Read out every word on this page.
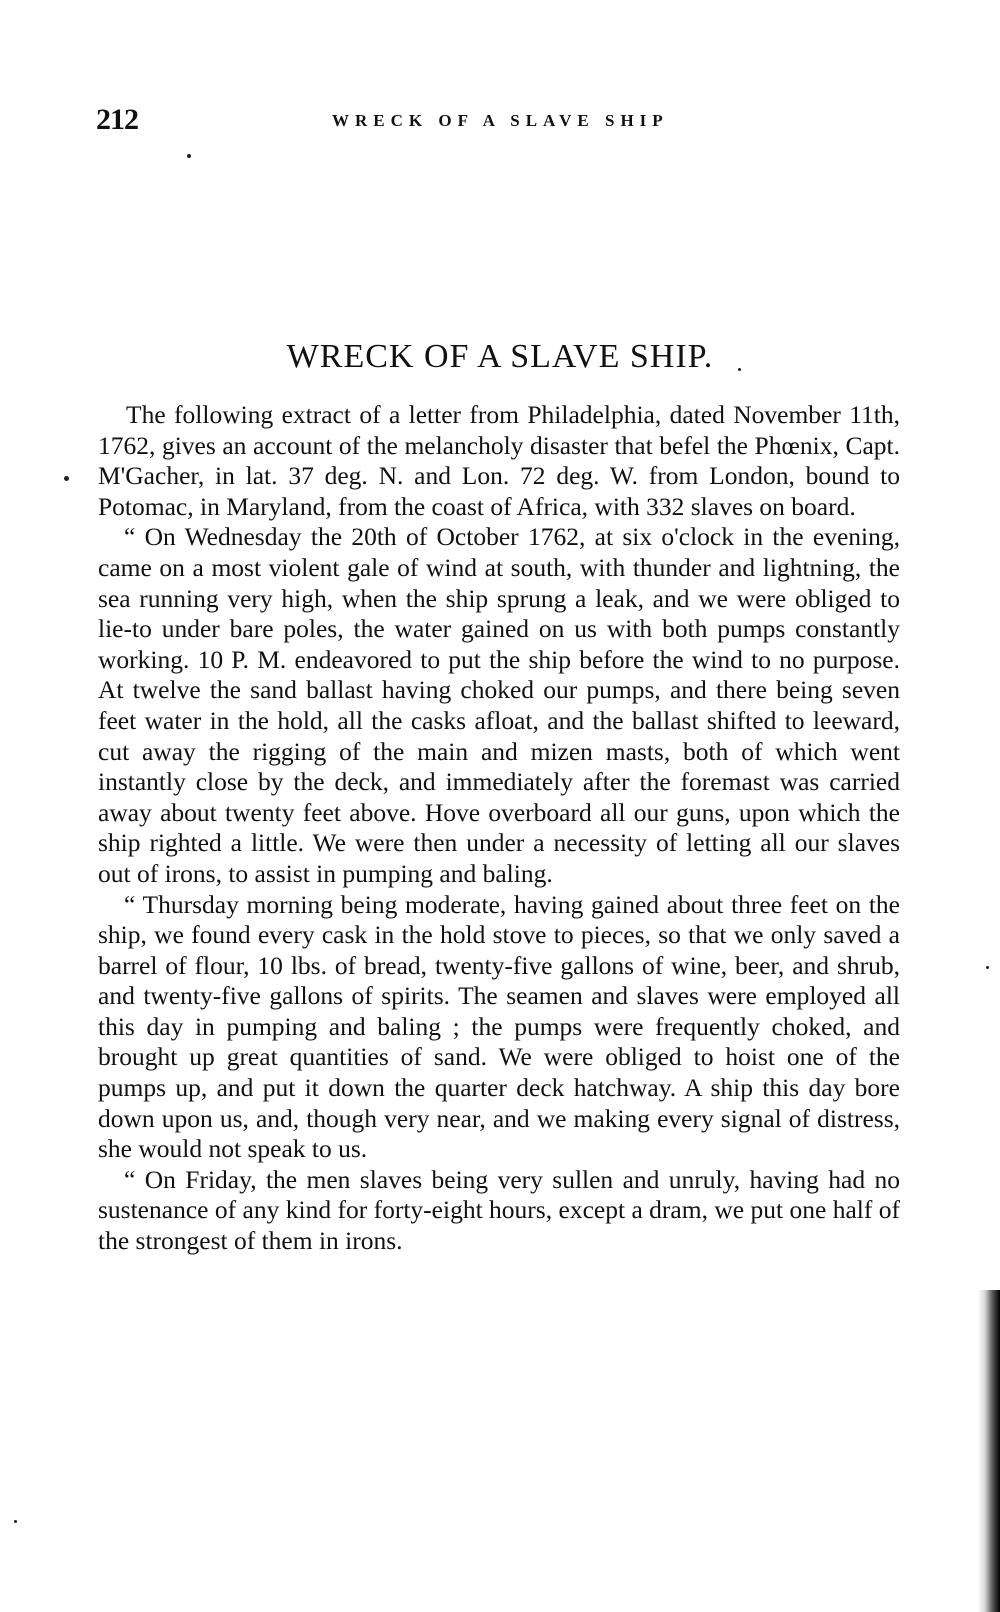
212	WRECK OF A SLAVE SHIP
WRECK OF A SLAVE SHIP.

The following extract of a letter from Philadelphia, dated November 11th, 1762, gives an account of the melancholy disaster that befel the Phœnix, Capt. M'Gacher, in lat. 37 deg. N. and Lon. 72 deg. W. from London, bound to Potomac, in Maryland, from the coast of Africa, with 332 slaves on board.

“ On Wednesday the 20th of October 1762, at six o'clock in the evening, came on a most violent gale of wind at south, with thunder and lightning, the sea running very high, when the ship sprung a leak, and we were obliged to lie-to under bare poles, the water gained on us with both pumps constantly working. 10 P. M. endeavored to put the ship before the wind to no purpose. At twelve the sand ballast having choked our pumps, and there being seven feet water in the hold, all the casks afloat, and the ballast shifted to leeward, cut away the rigging of the main and mizen masts, both of which went instantly close by the deck, and immediately after the foremast was carried away about twenty feet above. Hove overboard all our guns, upon which the ship righted a little. We were then under a necessity of letting all our slaves out of irons, to assist in pumping and baling.

“ Thursday morning being moderate, having gained about three feet on the ship, we found every cask in the hold stove to pieces, so that we only saved a barrel of flour, 10 lbs. of bread, twenty-five gallons of wine, beer, and shrub, and twenty-five gallons of spirits. The seamen and slaves were employed all this day in pumping and baling ; the pumps were frequently choked, and brought up great quantities of sand. We were obliged to hoist one of the pumps up, and put it down the quarter deck hatchway. A ship this day bore down upon us, and, though very near, and we making every signal of distress, she would not speak to us.

“ On Friday, the men slaves being very sullen and unruly, having had no sustenance of any kind for forty-eight hours, except a dram, we put one half of the strongest of them in irons.
